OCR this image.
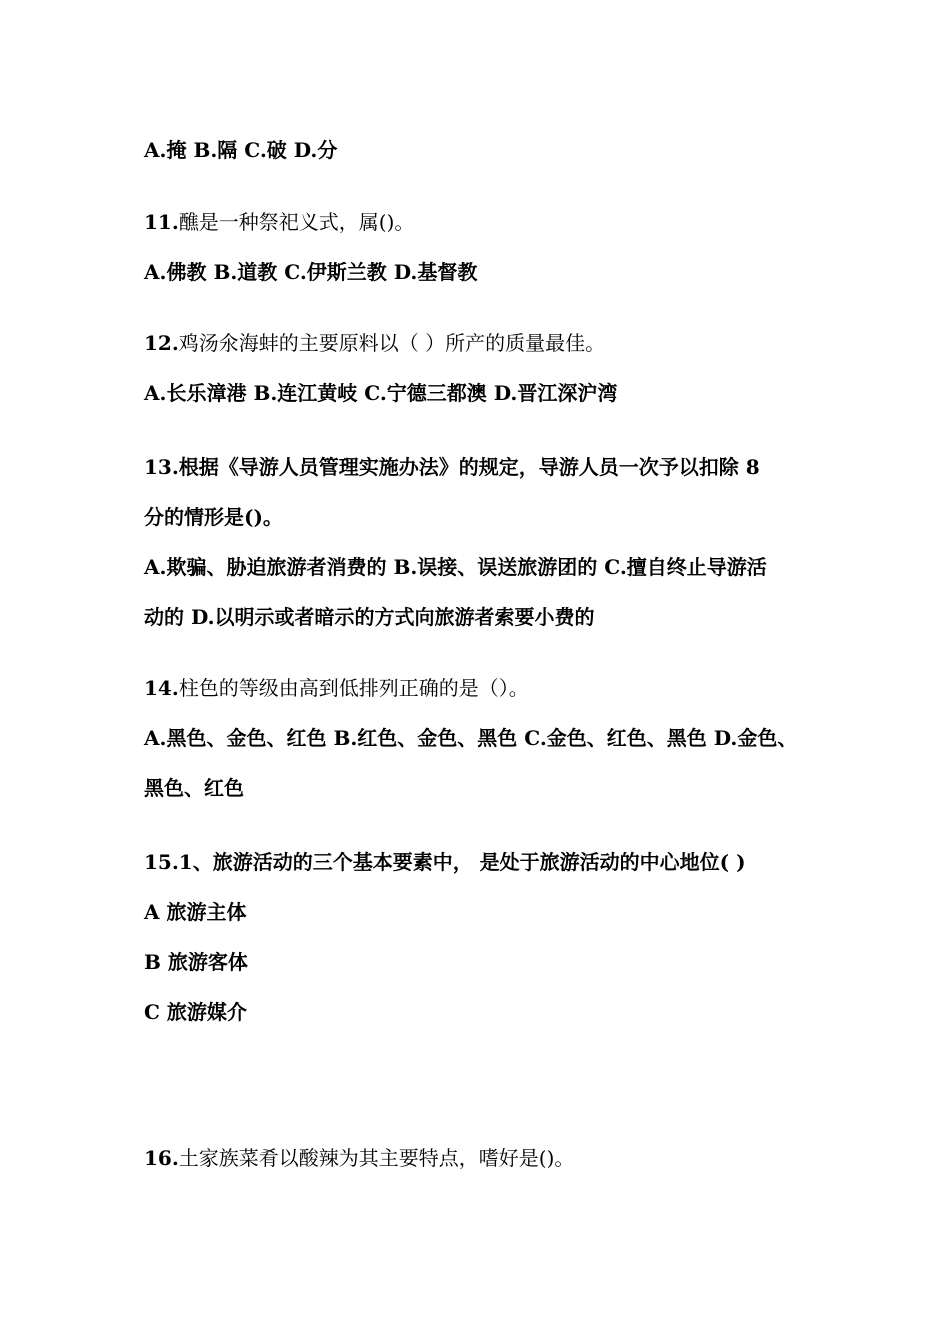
A.掩 B.隔 C.破 D.分
11.醮是一种祭祀义式，属()。
A.佛教 B.道教 C.伊斯兰教 D.基督教
12.鸡汤氽海蚌的主要原料以（ ）所产的质量最佳。
A.长乐漳港 B.连江黄岐 C.宁德三都澳 D.晋江深沪湾
13.根据《导游人员管理实施办法》的规定，导游人员一次予以扣除 8
分的情形是()。
A.欺骗、胁迫旅游者消费的 B.误接、误送旅游团的 C.擅自终止导游活
动的 D.以明示或者暗示的方式向旅游者索要小费的
14.柱色的等级由高到低排列正确的是（）。
A.黑色、金色、红色 B.红色、金色、黑色 C.金色、红色、黑色 D.金色、
黑色、红色
15.1、旅游活动的三个基本要素中， 是处于旅游活动的中心地位( )
A 旅游主体
B 旅游客体
C 旅游媒介
16.土家族菜肴以酸辣为其主要特点，嗜好是()。
